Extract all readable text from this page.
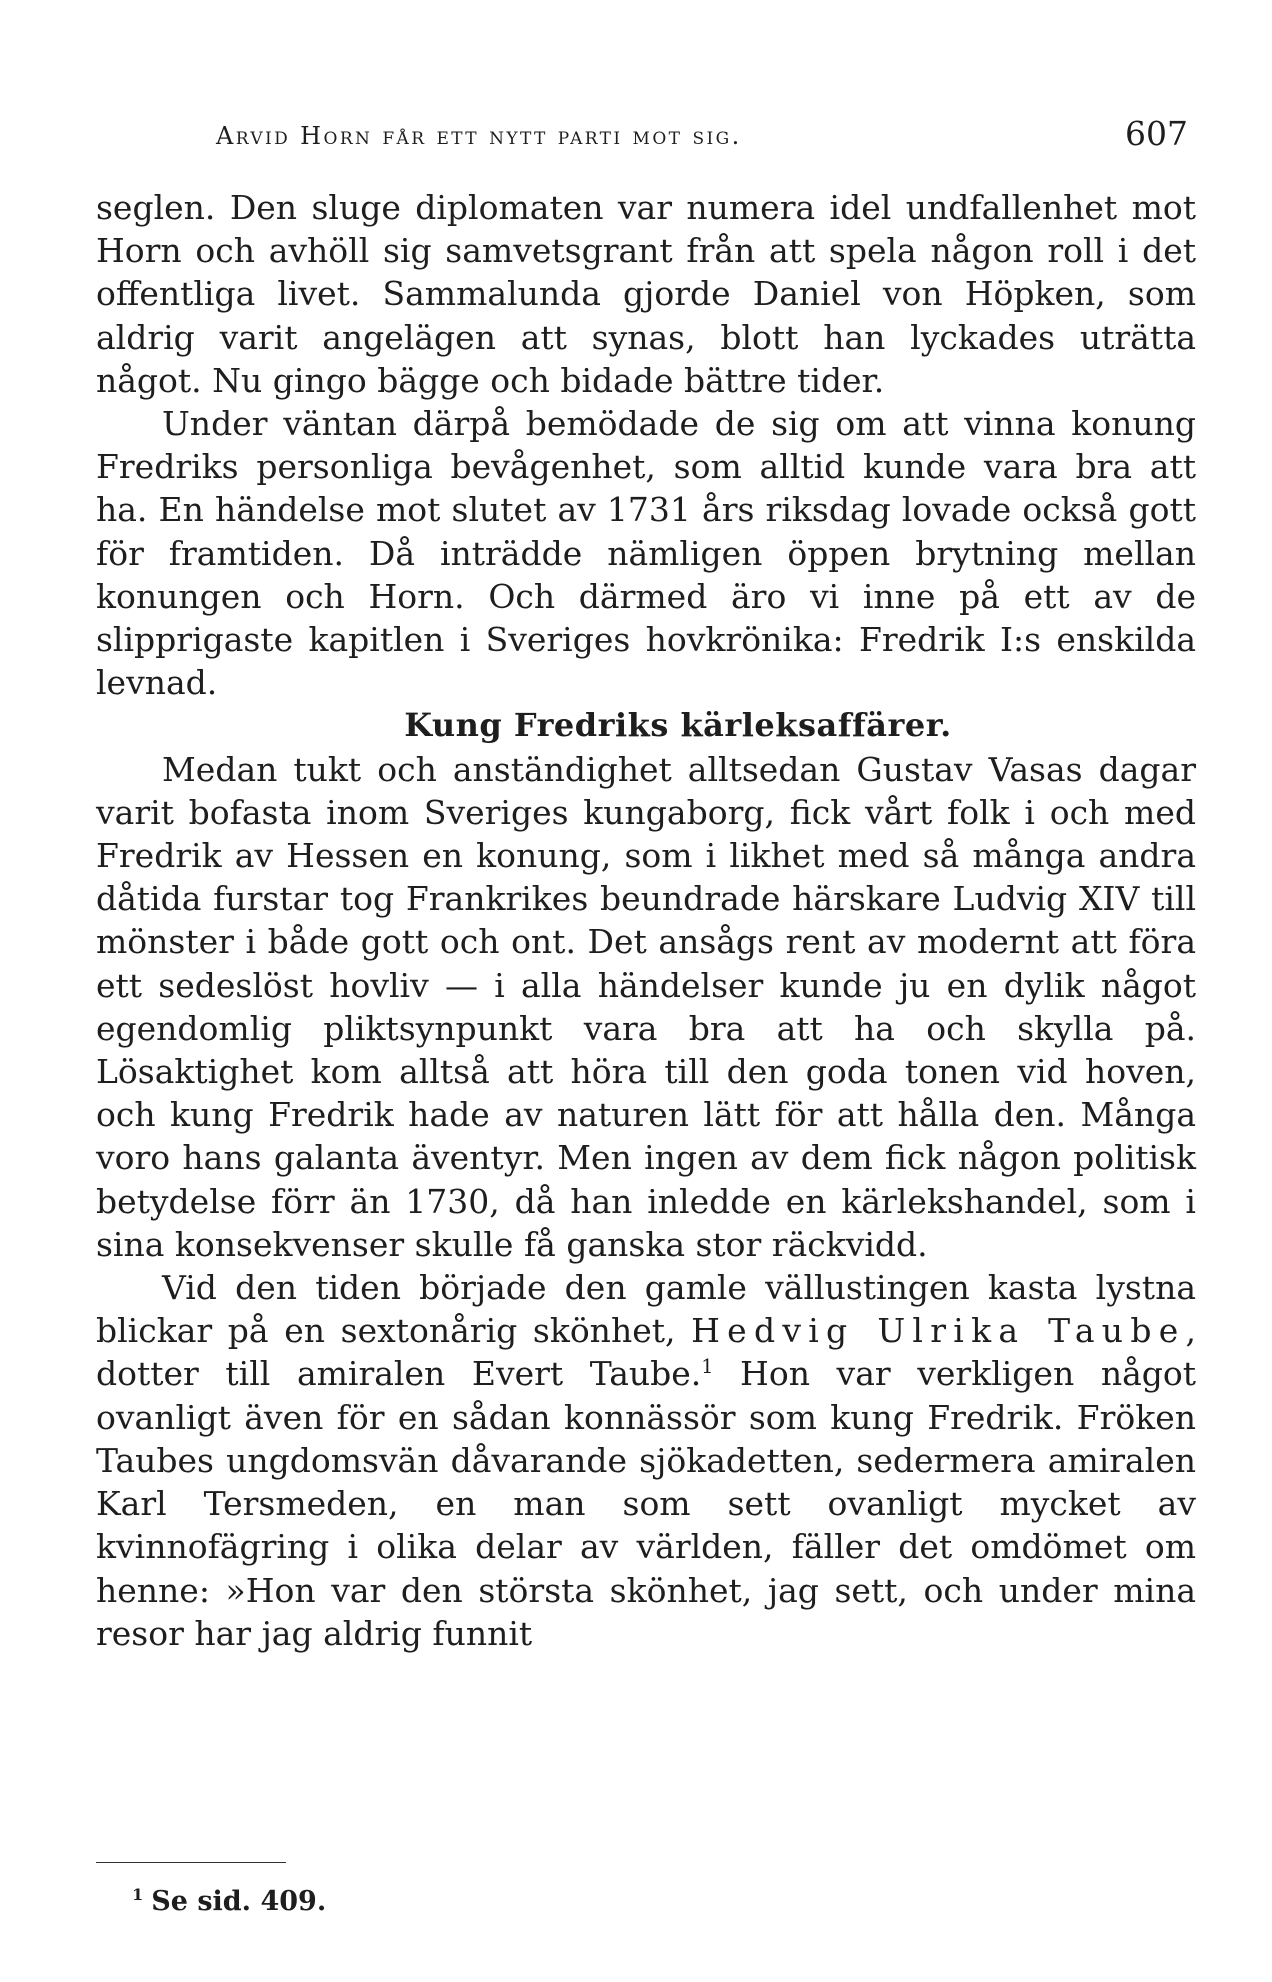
Arvid Horn får ett nytt parti mot sig.	607

seglen. Den sluge diplomaten var numera idel undfallenhet mot Horn och avhöll sig samvetsgrant från att spela någon roll i det offentliga livet. Sammalunda gjorde Daniel von Höpken, som aldrig varit angelägen att synas, blott han lyckades uträtta något. Nu gingo bägge och bidade bättre tider.

Under väntan därpå bemödade de sig om att vinna konung Fredriks personliga bevågenhet, som alltid kunde vara bra att ha. En händelse mot slutet av 1731 års riksdag lovade också gott för framtiden. Då inträdde nämligen öppen brytning mellan konungen och Horn. Och därmed äro vi inne på ett av de slipprigaste kapitlen i Sveriges hovkrönika: Fredrik I:s enskilda levnad.

Kung Fredriks kärleksaffärer.

Medan tukt och anständighet alltsedan Gustav Vasas dagar varit bofasta inom Sveriges kungaborg, fick vårt folk i och med Fredrik av Hessen en konung, som i likhet med så många andra dåtida furstar tog Frankrikes beundrade härskare Ludvig XIV till mönster i både gott och ont. Det ansågs rent av modernt att föra ett sedeslöst hovliv — i alla händelser kunde ju en dylik något egendomlig pliktsynpunkt vara bra att ha och skylla på. Lösaktighet kom alltså att höra till den goda tonen vid hoven, och kung Fredrik hade av naturen lätt för att hålla den. Många voro hans galanta äventyr. Men ingen av dem fick någon politisk betydelse förr än 1730, då han inledde en kärlekshandel, som i sina konsekvenser skulle få ganska stor räckvidd.

Vid den tiden började den gamle vällustingen kasta lystna blickar på en sextonårig skönhet, Hedvig Ulrika Taube, dotter till amiralen Evert Taube.$^1$ Hon var verkligen något ovanligt även för en sådan konnässör som kung Fredrik. Fröken Taubes ungdomsvän dåvarande sjökadetten, sedermera amiralen Karl Tersmeden, en man som sett ovanligt mycket av kvinnofägring i olika delar av världen, fäller det omdömet om henne: »Hon var den största skönhet, jag sett, och under mina resor har jag aldrig funnit

$^1$ Se sid. 409.
